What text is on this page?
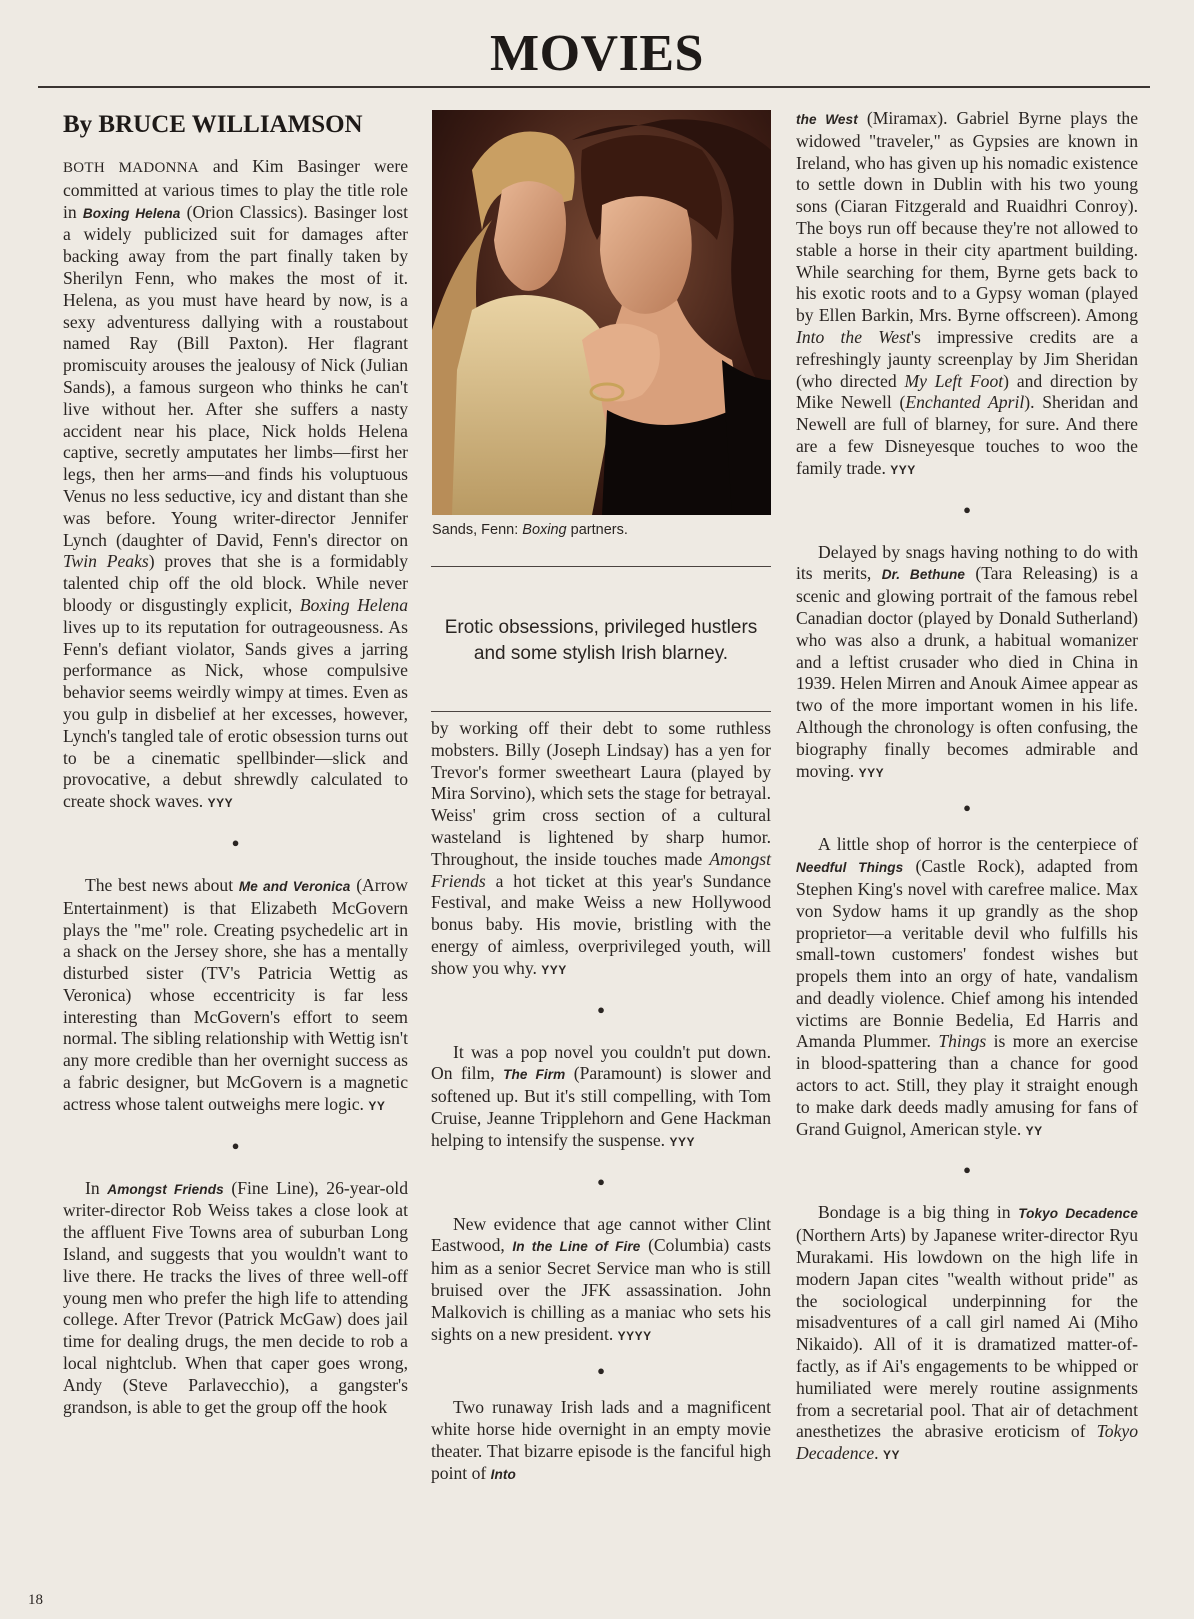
MOVIES
By BRUCE WILLIAMSON

BOTH MADONNA and Kim Basinger were committed at various times to play the title role in Boxing Helena (Orion Classics). Basinger lost a widely publicized suit for damages after backing away from the part finally taken by Sherilyn Fenn, who makes the most of it. Helena, as you must have heard by now, is a sexy adventuress dallying with a roustabout named Ray (Bill Paxton). Her flagrant promiscuity arouses the jealousy of Nick (Julian Sands), a famous surgeon who thinks he can't live without her. After she suffers a nasty accident near his place, Nick holds Helena captive, secretly amputates her limbs—first her legs, then her arms—and finds his voluptuous Venus no less seductive, icy and distant than she was before. Young writer-director Jennifer Lynch (daughter of David, Fenn's director on Twin Peaks) proves that she is a formidably talented chip off the old block. While never bloody or disgustingly explicit, Boxing Helena lives up to its reputation for outrageousness. As Fenn's defiant violator, Sands gives a jarring performance as Nick, whose compulsive behavior seems weirdly wimpy at times. Even as you gulp in disbelief at her excesses, however, Lynch's tangled tale of erotic obsession turns out to be a cinematic spellbinder—slick and provocative, a debut shrewdly calculated to create shock waves. YYY

●

The best news about Me and Veronica (Arrow Entertainment) is that Elizabeth McGovern plays the "me" role. Creating psychedelic art in a shack on the Jersey shore, she has a mentally disturbed sister (TV's Patricia Wettig as Veronica) whose eccentricity is far less interesting than McGovern's effort to seem normal. The sibling relationship with Wettig isn't any more credible than her overnight success as a fabric designer, but McGovern is a magnetic actress whose talent outweighs mere logic. YY

●

In Amongst Friends (Fine Line), 26-year-old writer-director Rob Weiss takes a close look at the affluent Five Towns area of suburban Long Island, and suggests that you wouldn't want to live there. He tracks the lives of three well-off young men who prefer the high life to attending college. After Trevor (Patrick McGaw) does jail time for dealing drugs, the men decide to rob a local nightclub. When that caper goes wrong, Andy (Steve Parlavecchio), a gangster's grandson, is able to get the group off the hook

Sands, Fenn: Boxing partners.
Erotic obsessions, privileged hustlers and some stylish Irish blarney.

by working off their debt to some ruthless mobsters. Billy (Joseph Lindsay) has a yen for Trevor's former sweetheart Laura (played by Mira Sorvino), which sets the stage for betrayal. Weiss' grim cross section of a cultural wasteland is lightened by sharp humor. Throughout, the inside touches made Amongst Friends a hot ticket at this year's Sundance Festival, and make Weiss a new Hollywood bonus baby. His movie, bristling with the energy of aimless, overprivileged youth, will show you why. YYY

●

It was a pop novel you couldn't put down. On film, The Firm (Paramount) is slower and softened up. But it's still compelling, with Tom Cruise, Jeanne Tripplehorn and Gene Hackman helping to intensify the suspense. YYY

●

New evidence that age cannot wither Clint Eastwood, In the Line of Fire (Columbia) casts him as a senior Secret Service man who is still bruised over the JFK assassination. John Malkovich is chilling as a maniac who sets his sights on a new president. YYYY

●

Two runaway Irish lads and a magnificent white horse hide overnight in an empty movie theater. That bizarre episode is the fanciful high point of Into

the West (Miramax). Gabriel Byrne plays the widowed "traveler," as Gypsies are known in Ireland, who has given up his nomadic existence to settle down in Dublin with his two young sons (Ciaran Fitzgerald and Ruaidhri Conroy). The boys run off because they're not allowed to stable a horse in their city apartment building. While searching for them, Byrne gets back to his exotic roots and to a Gypsy woman (played by Ellen Barkin, Mrs. Byrne offscreen). Among Into the West's impressive credits are a refreshingly jaunty screenplay by Jim Sheridan (who directed My Left Foot) and direction by Mike Newell (Enchanted April). Sheridan and Newell are full of blarney, for sure. And there are a few Disneyesque touches to woo the family trade. YYY

●

Delayed by snags having nothing to do with its merits, Dr. Bethune (Tara Releasing) is a scenic and glowing portrait of the famous rebel Canadian doctor (played by Donald Sutherland) who was also a drunk, a habitual womanizer and a leftist crusader who died in China in 1939. Helen Mirren and Anouk Aimee appear as two of the more important women in his life. Although the chronology is often confusing, the biography finally becomes admirable and moving. YYY

●

A little shop of horror is the centerpiece of Needful Things (Castle Rock), adapted from Stephen King's novel with carefree malice. Max von Sydow hams it up grandly as the shop proprietor—a veritable devil who fulfills his small-town customers' fondest wishes but propels them into an orgy of hate, vandalism and deadly violence. Chief among his intended victims are Bonnie Bedelia, Ed Harris and Amanda Plummer. Things is more an exercise in blood-spattering than a chance for good actors to act. Still, they play it straight enough to make dark deeds madly amusing for fans of Grand Guignol, American style. YY

●

Bondage is a big thing in Tokyo Decadence (Northern Arts) by Japanese writer-director Ryu Murakami. His lowdown on the high life in modern Japan cites "wealth without pride" as the sociological underpinning for the misadventures of a call girl named Ai (Miho Nikaido). All of it is dramatized matter-of-factly, as if Ai's engagements to be whipped or humiliated were merely routine assignments from a secretarial pool. That air of detachment anesthetizes the abrasive eroticism of Tokyo Decadence. YY

18
